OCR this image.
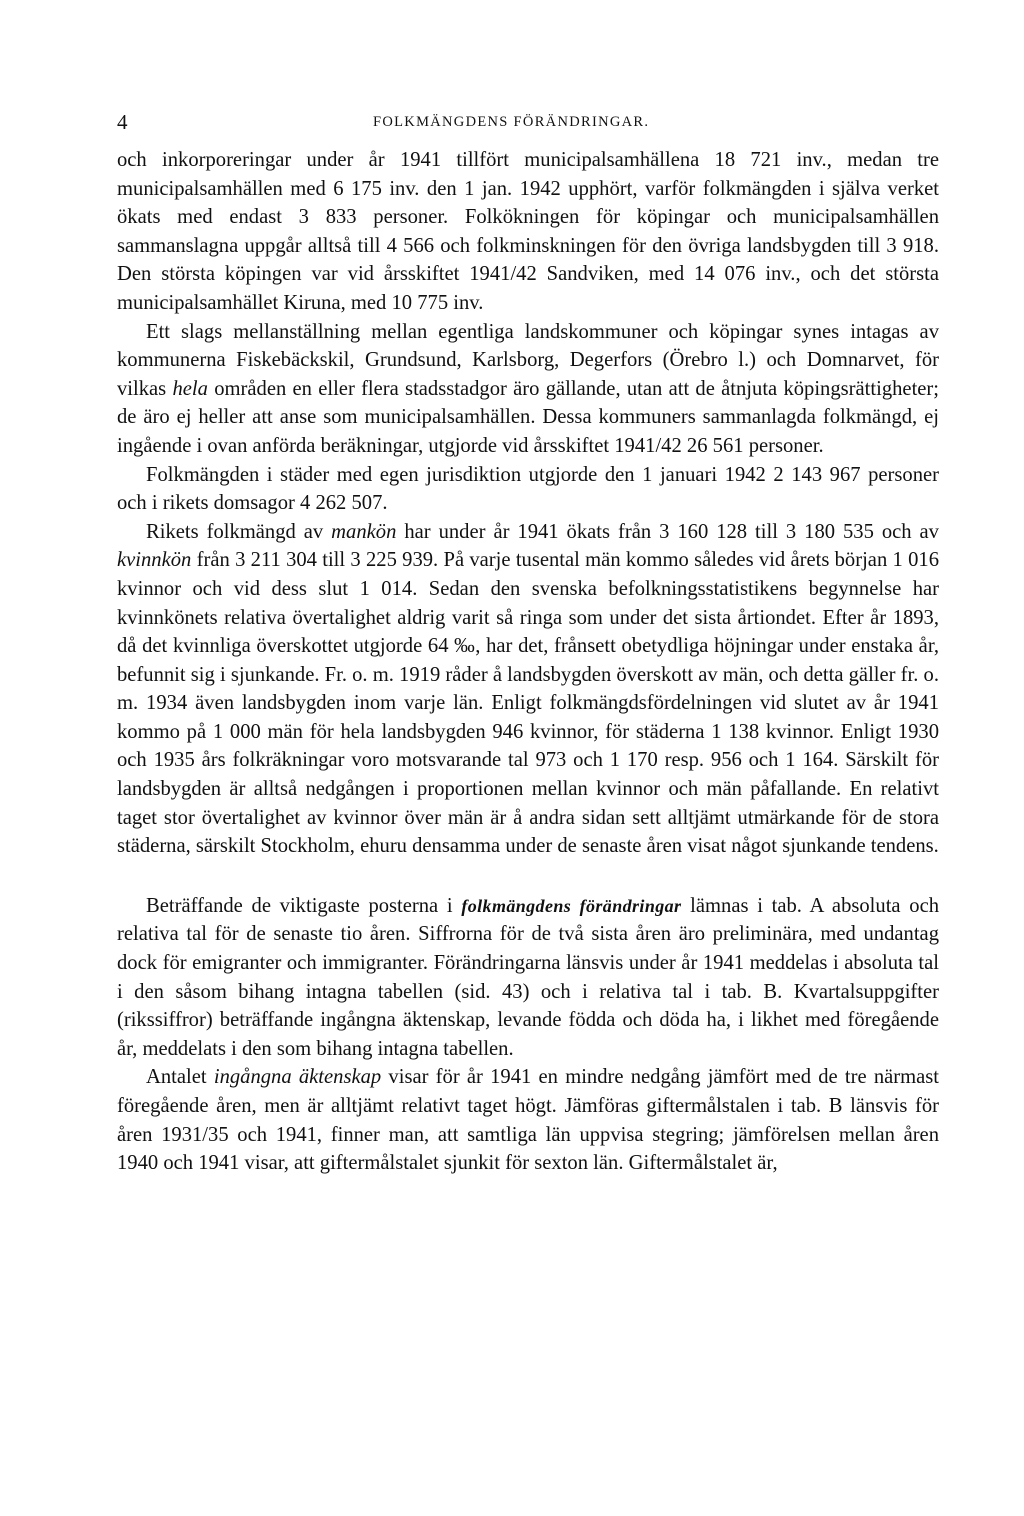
4	FOLKMÄNGDENS FÖRÄNDRINGAR.

och inkorporeringar under år 1941 tillfört municipalsamhällena 18 721 inv., medan tre municipalsamhällen med 6 175 inv. den 1 jan. 1942 upphört, varför folkmängden i själva verket ökats med endast 3 833 personer. Folkökningen för köpingar och municipalsamhällen sammanslagna uppgår alltså till 4 566 och folkminskningen för den övriga landsbygden till 3 918. Den största köpingen var vid årsskiftet 1941/42 Sandviken, med 14 076 inv., och det största municipalsamhället Kiruna, med 10 775 inv.

Ett slags mellanställning mellan egentliga landskommuner och köpingar synes intagas av kommunerna Fiskebäckskil, Grundsund, Karlsborg, Degerfors (Örebro l.) och Domnarvet, för vilkas hela områden en eller flera stadsstadgor äro gällande, utan att de åtnjuta köpingsrättigheter; de äro ej heller att anse som municipalsamhällen. Dessa kommuners sammanlagda folkmängd, ej ingående i ovan anförda beräkningar, utgjorde vid årsskiftet 1941/42 26 561 personer.

Folkmängden i städer med egen jurisdiktion utgjorde den 1 januari 1942 2 143 967 personer och i rikets domsagor 4 262 507.

Rikets folkmängd av mankön har under år 1941 ökats från 3 160 128 till 3 180 535 och av kvinnkön från 3 211 304 till 3 225 939. På varje tusental män kommo således vid årets början 1 016 kvinnor och vid dess slut 1 014. Sedan den svenska befolkningsstatistikens begynnelse har kvinnkönets relativa övertalighet aldrig varit så ringa som under det sista årtiondet. Efter år 1893, då det kvinnliga överskottet utgjorde 64 ‰, har det, frånsett obetydliga höjningar under enstaka år, befunnit sig i sjunkande. Fr. o. m. 1919 råder å landsbygden överskott av män, och detta gäller fr. o. m. 1934 även landsbygden inom varje län. Enligt folkmängdsfördelningen vid slutet av år 1941 kommo på 1 000 män för hela landsbygden 946 kvinnor, för städerna 1 138 kvinnor. Enligt 1930 och 1935 års folkräkningar voro motsvarande tal 973 och 1 170 resp. 956 och 1 164. Särskilt för landsbygden är alltså nedgången i proportionen mellan kvinnor och män påfallande. En relativt taget stor övertalighet av kvinnor över män är å andra sidan sett alltjämt utmärkande för de stora städerna, särskilt Stockholm, ehuru densamma under de senaste åren visat något sjunkande tendens.

Beträffande de viktigaste posterna i folkmängdens förändringar lämnas i tab. A absoluta och relativa tal för de senaste tio åren. Siffrorna för de två sista åren äro preliminära, med undantag dock för emigranter och immigranter. Förändringarna länsvis under år 1941 meddelas i absoluta tal i den såsom bihang intagna tabellen (sid. 43) och i relativa tal i tab. B. Kvartalsuppgifter (rikssiffror) beträffande ingångna äktenskap, levande födda och döda ha, i likhet med föregående år, meddelats i den som bihang intagna tabellen.

Antalet ingångna äktenskap visar för år 1941 en mindre nedgång jämfört med de tre närmast föregående åren, men är alltjämt relativt taget högt. Jämföras giftermålstalen i tab. B länsvis för åren 1931/35 och 1941, finner man, att samtliga län uppvisa stegring; jämförelsen mellan åren 1940 och 1941 visar, att giftermålstalet sjunkit för sexton län. Giftermålstalet är,
